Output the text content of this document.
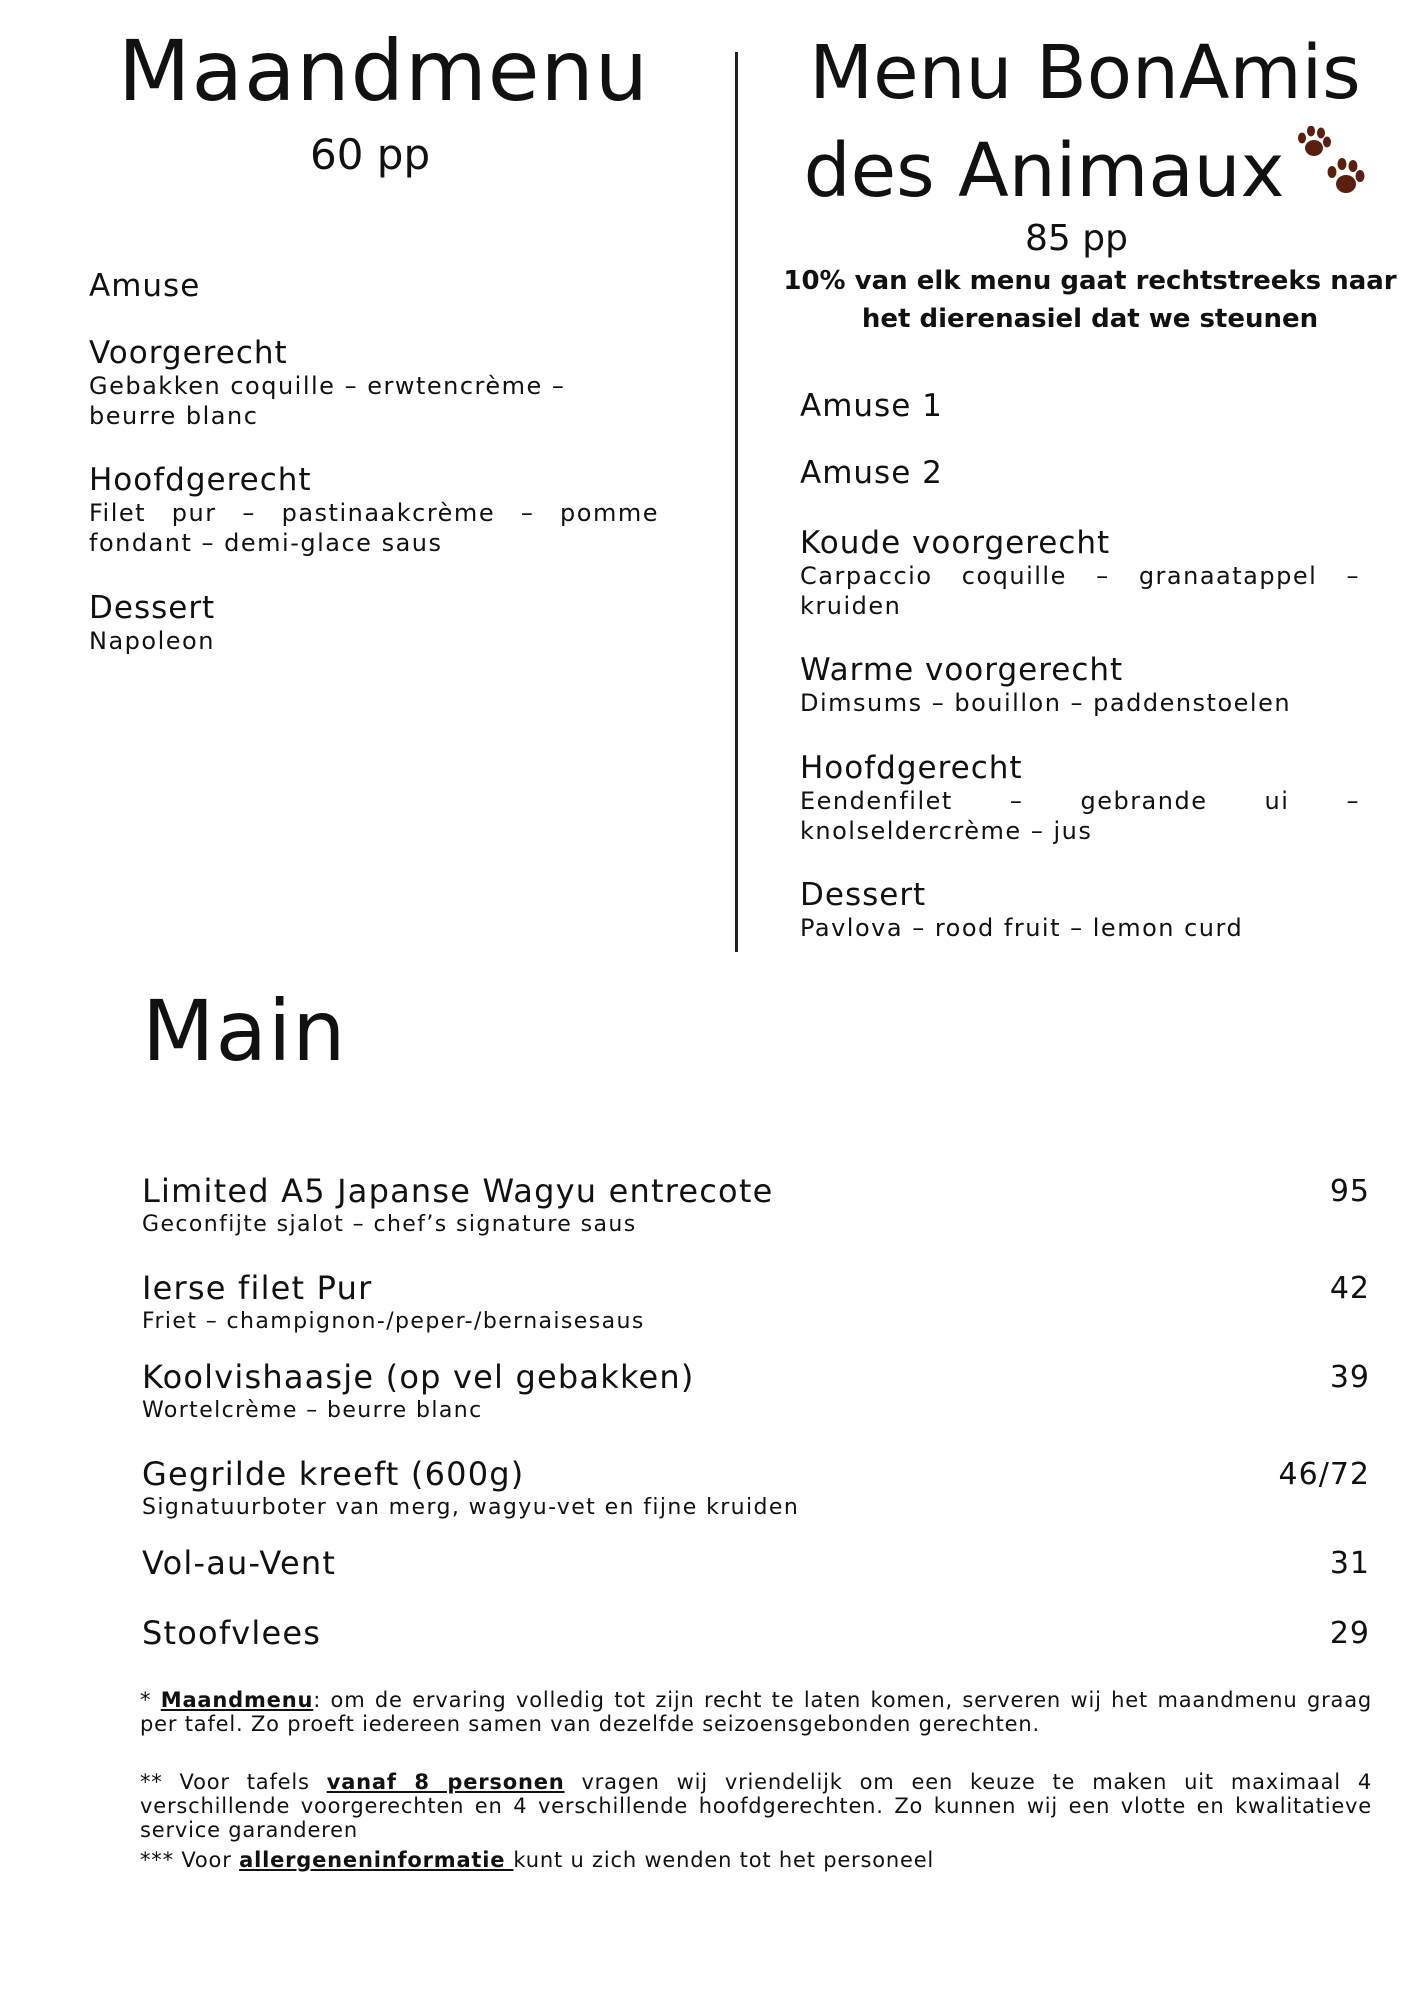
Maandmenu
60 pp
Amuse
Voorgerecht
Gebakken coquille – erwtencrème – beurre blanc
Hoofdgerecht
Filet pur – pastinaakcrème – pomme fondant – demi-glace saus
Dessert
Napoleon
Menu BonAmis
des Animaux
85 pp
10% van elk menu gaat rechtstreeks naar het dierenasiel dat we steunen
Amuse 1
Amuse 2
Koude voorgerecht
Carpaccio coquille – granaatappel – kruiden
Warme voorgerecht
Dimsums – bouillon – paddenstoelen
Hoofdgerecht
Eendenfilet – gebrande ui – knolseldercrème – jus
Dessert
Pavlova – rood fruit – lemon curd
Main
Limited A5 Japanse Wagyu entrecote
Geconfijte sjalot – chef’s signature saus
95
Ierse filet Pur
Friet – champignon-/peper-/bernaisesaus
42
Koolvishaasje (op vel gebakken)
Wortelcrème – beurre blanc
39
Gegrilde kreeft (600g)
Signatuurboter van merg, wagyu-vet en fijne kruiden
46/72
Vol-au-Vent	31
Stoofvlees	29
* Maandmenu: om de ervaring volledig tot zijn recht te laten komen, serveren wij het maandmenu graag per tafel. Zo proeft iedereen samen van dezelfde seizoensgebonden gerechten.
** Voor tafels vanaf 8 personen vragen wij vriendelijk om een keuze te maken uit maximaal 4 verschillende voorgerechten en 4 verschillende hoofdgerechten. Zo kunnen wij een vlotte en kwalitatieve service garanderen
*** Voor allergeneninformatie kunt u zich wenden tot het personeel
